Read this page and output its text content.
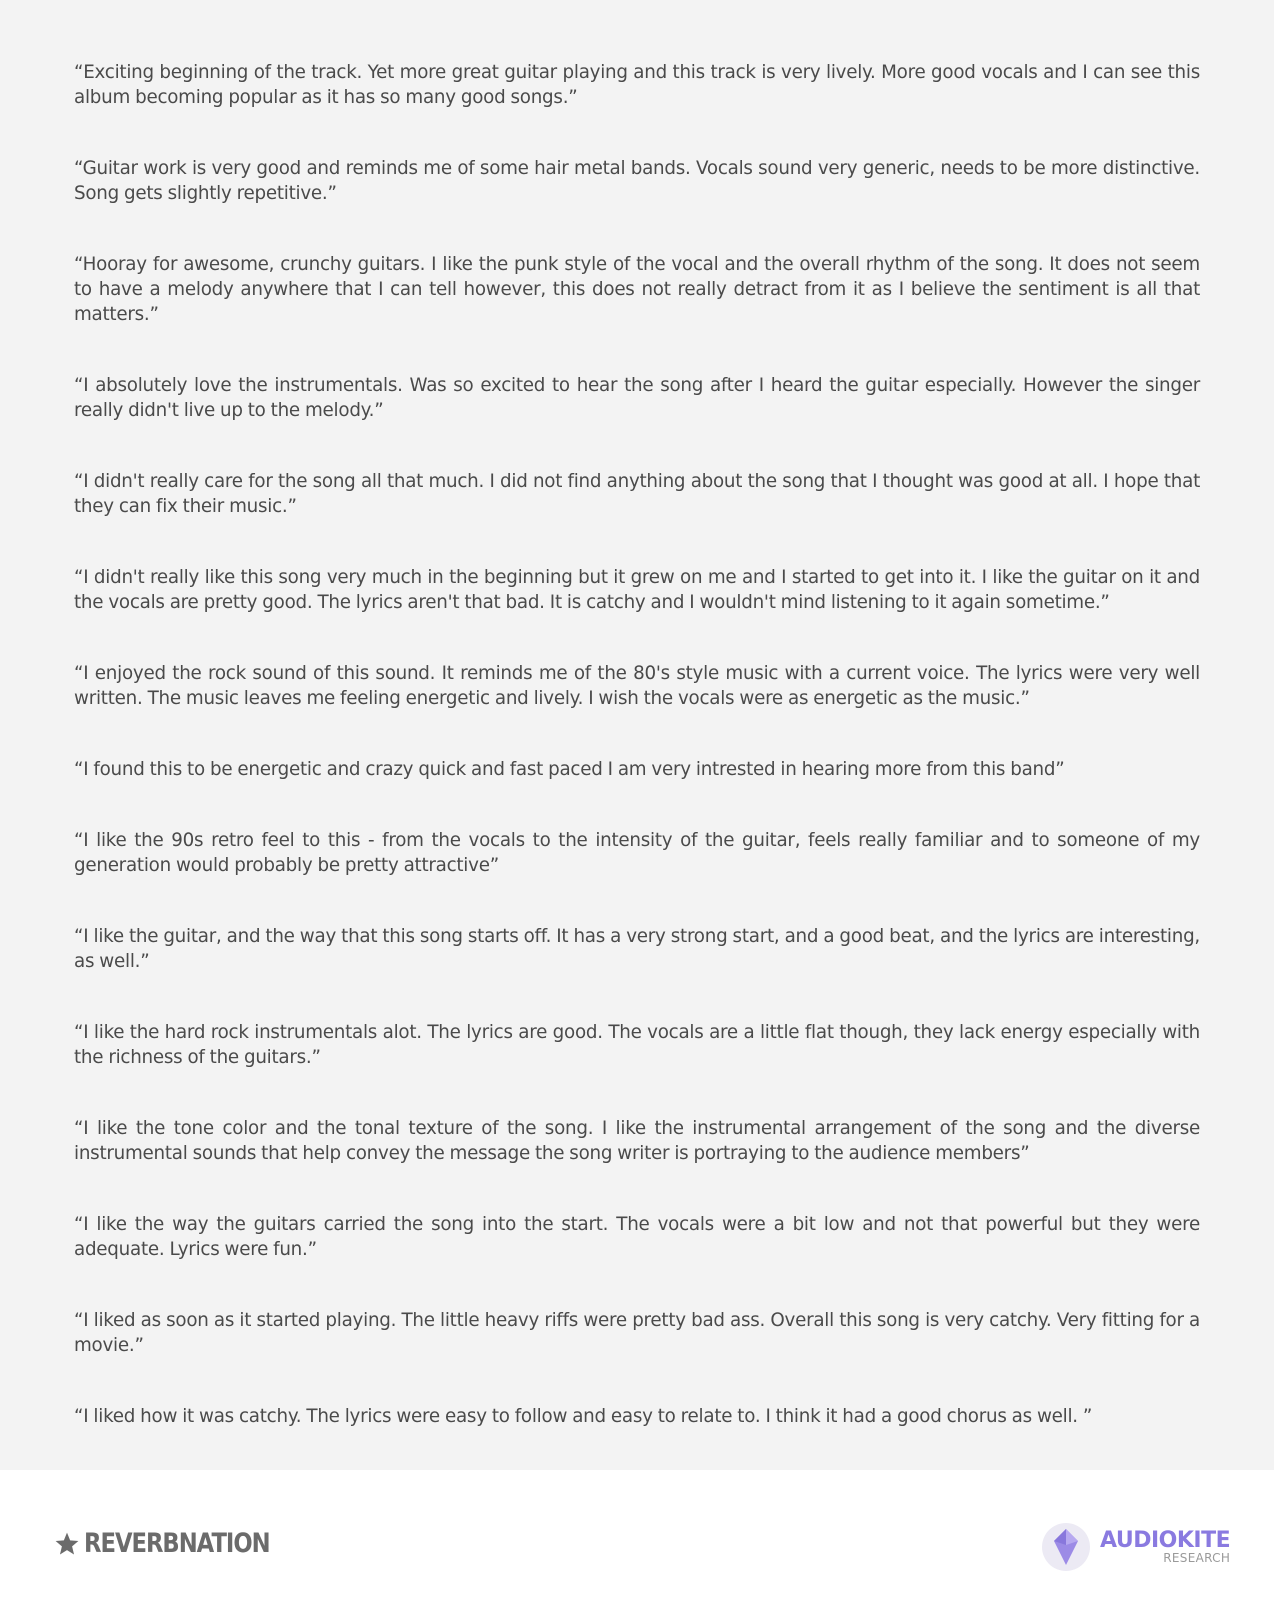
“Exciting beginning of the track. Yet more great guitar playing and this track is very lively. More good vocals and I can see this album becoming popular as it has so many good songs.”

“Guitar work is very good and reminds me of some hair metal bands. Vocals sound very generic, needs to be more distinctive. Song gets slightly repetitive.”

“Hooray for awesome, crunchy guitars. I like the punk style of the vocal and the overall rhythm of the song. It does not seem to have a melody anywhere that I can tell however, this does not really detract from it as I believe the sentiment is all that matters.”

“I absolutely love the instrumentals. Was so excited to hear the song after I heard the guitar especially. However the singer really didn't live up to the melody.”

“I didn't really care for the song all that much. I did not find anything about the song that I thought was good at all. I hope that they can fix their music.”

“I didn't really like this song very much in the beginning but it grew on me and I started to get into it. I like the guitar on it and the vocals are pretty good. The lyrics aren't that bad. It is catchy and I wouldn't mind listening to it again sometime.”

“I enjoyed the rock sound of this sound. It reminds me of the 80's style music with a current voice. The lyrics were very well written. The music leaves me feeling energetic and lively. I wish the vocals were as energetic as the music.”

“I found this to be energetic and crazy quick and fast paced I am very intrested in hearing more from this band”

“I like the 90s retro feel to this - from the vocals to the intensity of the guitar, feels really familiar and to someone of my generation would probably be pretty attractive”

“I like the guitar, and the way that this song starts off. It has a very strong start, and a good beat, and the lyrics are interesting, as well.”

“I like the hard rock instrumentals alot. The lyrics are good. The vocals are a little flat though, they lack energy especially with the richness of the guitars.”

“I like the tone color and the tonal texture of the song. I like the instrumental arrangement of the song and the diverse instrumental sounds that help convey the message the song writer is portraying to the audience members”

“I like the way the guitars carried the song into the start. The vocals were a bit low and not that powerful but they were adequate. Lyrics were fun.”

“I liked as soon as it started playing. The little heavy riffs were pretty bad ass. Overall this song is very catchy. Very fitting for a movie.”

“I liked how it was catchy. The lyrics were easy to follow and easy to relate to. I think it had a good chorus as well. ”

REVERBNATION	AUDIOKITE
RESEARCH
